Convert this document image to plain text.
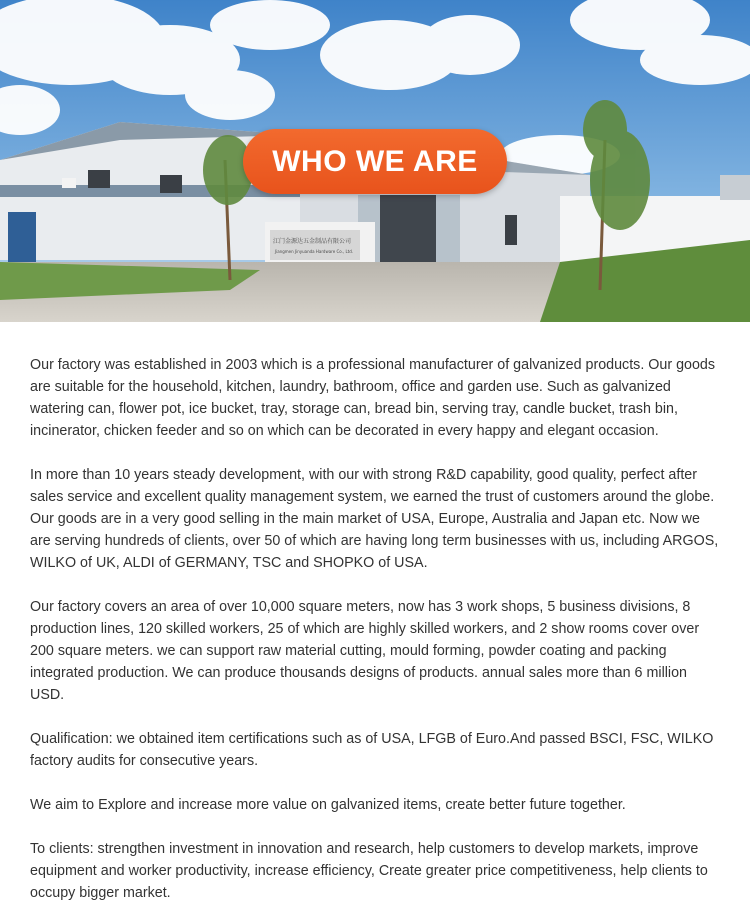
江门金源达五金制品有限公司
Jiangmen Jinyuanda Hardware Co., Ltd.
WHO WE ARE

Our factory was established in 2003 which is a professional manufacturer of galvanized products. Our goods are suitable for the household, kitchen, laundry, bathroom, office and garden use. Such as galvanized watering can, flower pot, ice bucket, tray, storage can, bread bin, serving tray, candle bucket, trash bin, incinerator, chicken feeder and so on which can be decorated in every happy and elegant occasion.

In more than 10 years steady development, with our with strong R&D capability, good quality, perfect after sales service and excellent quality management system, we earned the trust of customers around the globe. Our goods are in a very good selling in the main market of USA, Europe, Australia and Japan etc. Now we are serving hundreds of clients, over 50 of which are having long term businesses with us, including ARGOS, WILKO of UK, ALDI of GERMANY, TSC and SHOPKO of USA.

Our factory covers an area of over 10,000 square meters, now has 3 work shops, 5 business divisions, 8 production lines, 120 skilled workers, 25 of which are highly skilled workers, and 2 show rooms cover over 200 square meters. we can support raw material cutting, mould forming, powder coating and packing integrated production. We can produce thousands designs of products. annual sales more than 6 million USD.

Qualification: we obtained item certifications such as of USA, LFGB of Euro.And passed BSCI, FSC, WILKO factory audits for consecutive years.

We aim to Explore and increase more value on galvanized items, create better future together.

To clients: strengthen investment in innovation and research, help customers to develop markets, improve equipment and worker productivity, increase efficiency, Create greater price competitiveness, help clients to occupy bigger market.
